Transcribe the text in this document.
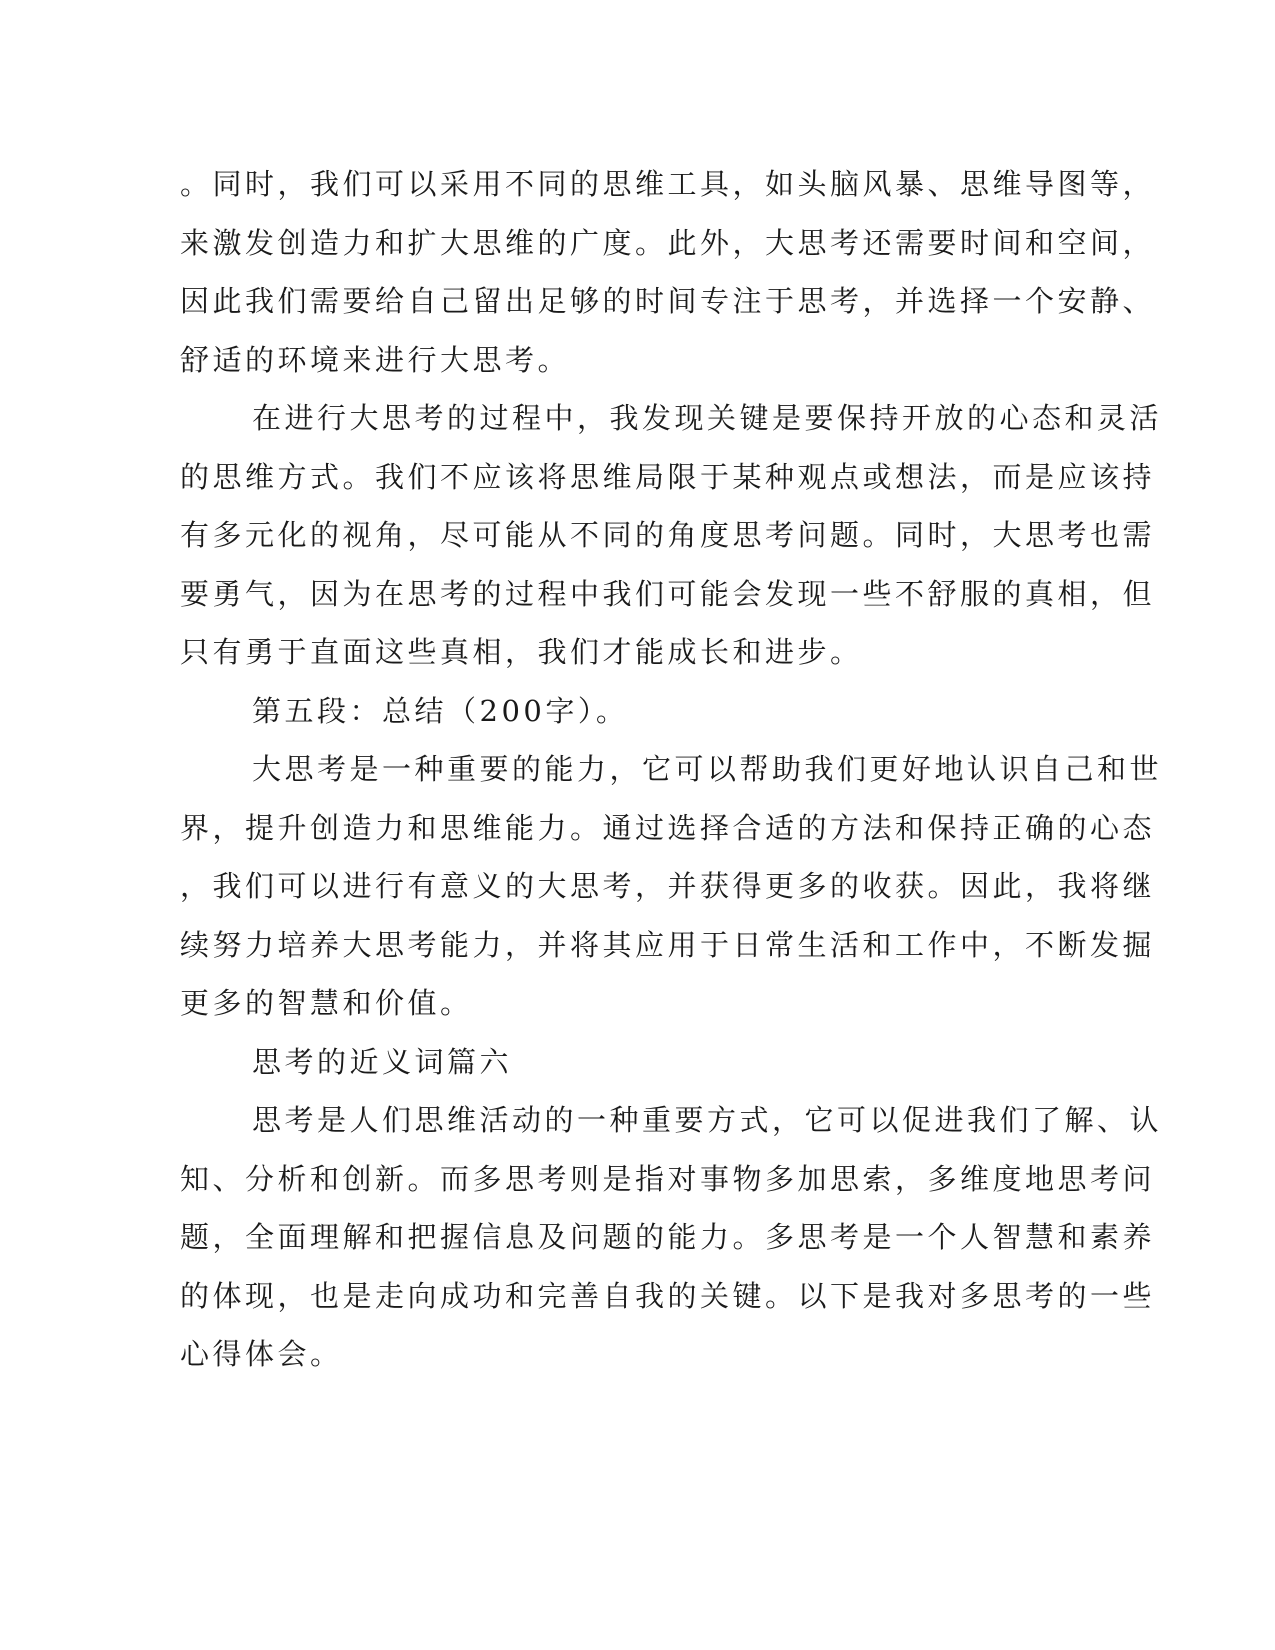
。同时，我们可以采用不同的思维工具，如头脑风暴、思维导图等，
来激发创造力和扩大思维的广度。此外，大思考还需要时间和空间，
因此我们需要给自己留出足够的时间专注于思考，并选择一个安静、
舒适的环境来进行大思考。
在进行大思考的过程中，我发现关键是要保持开放的心态和灵活
的思维方式。我们不应该将思维局限于某种观点或想法，而是应该持
有多元化的视角，尽可能从不同的角度思考问题。同时，大思考也需
要勇气，因为在思考的过程中我们可能会发现一些不舒服的真相，但
只有勇于直面这些真相，我们才能成长和进步。
第五段：总结（200字）。
大思考是一种重要的能力，它可以帮助我们更好地认识自己和世
界，提升创造力和思维能力。通过选择合适的方法和保持正确的心态
，我们可以进行有意义的大思考，并获得更多的收获。因此，我将继
续努力培养大思考能力，并将其应用于日常生活和工作中，不断发掘
更多的智慧和价值。
思考的近义词篇六
思考是人们思维活动的一种重要方式，它可以促进我们了解、认
知、分析和创新。而多思考则是指对事物多加思索，多维度地思考问
题，全面理解和把握信息及问题的能力。多思考是一个人智慧和素养
的体现，也是走向成功和完善自我的关键。以下是我对多思考的一些
心得体会。
